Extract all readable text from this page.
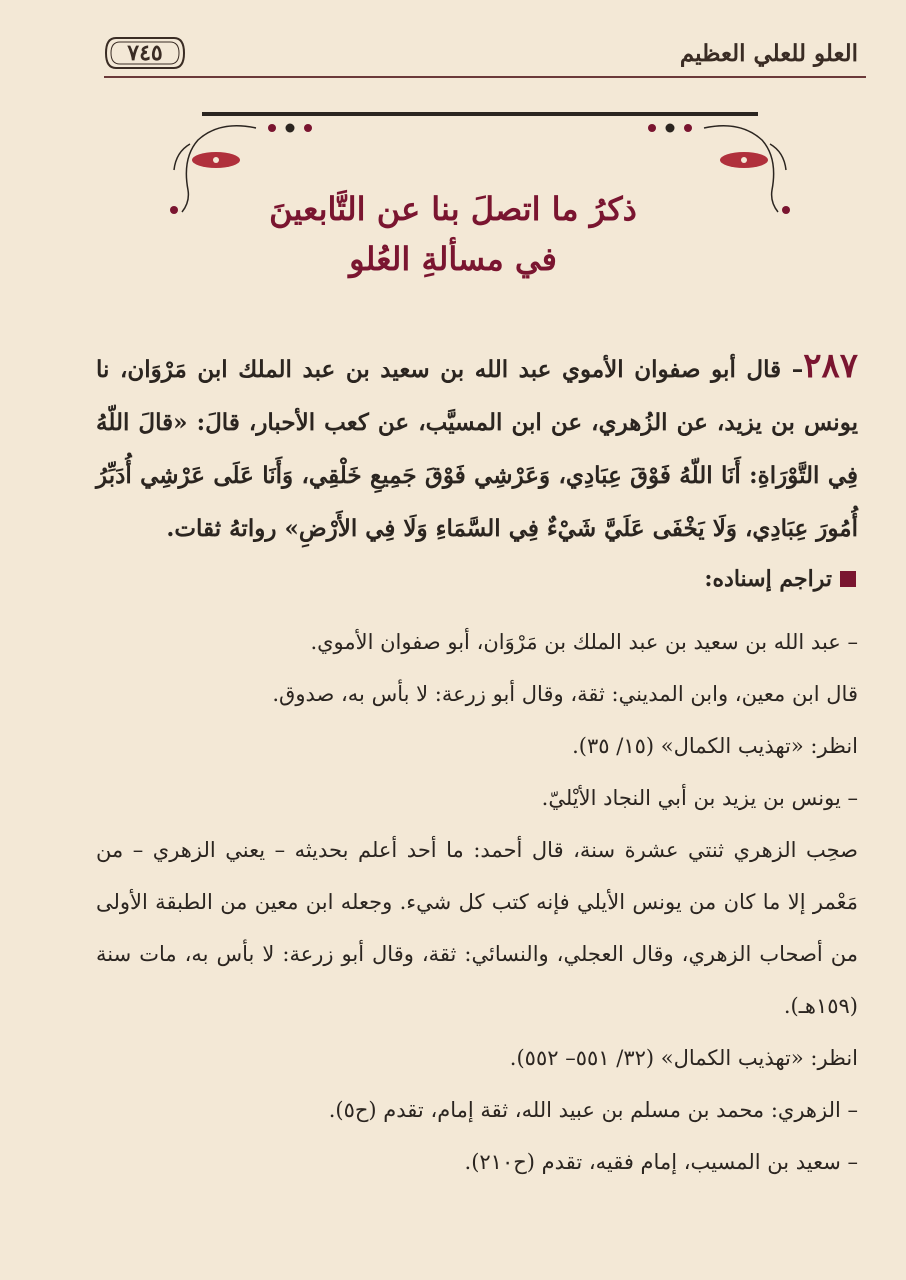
العلو للعلي العظيم
٧٤٥
ذكرُ ما اتصلَ بنا عن التَّابعينَ
في مسألةِ العُلو
٢٨٧– قال أبو صفوان الأموي عبد الله بن سعيد بن عبد الملك ابن مَرْوَان، نا يونس بن يزيد، عن الزُهري، عن ابن المسيَّب، عن كعب الأحبار، قالَ: «قالَ اللّهُ فِي التَّوْرَاةِ: أَنَا اللّهُ فَوْقَ عِبَادِي، وَعَرْشِي فَوْقَ جَمِيعِ خَلْقِي، وَأَنَا عَلَى عَرْشِي أُدَبِّرُ أُمُورَ عِبَادِي، وَلَا يَخْفَى عَلَيَّ شَيْءٌ فِي السَّمَاءِ وَلَا فِي الأَرْضِ» رواتهُ ثقات.
تراجم إسناده:

– عبد الله بن سعيد بن عبد الملك بن مَرْوَان، أبو صفوان الأموي.

قال ابن معين، وابن المديني: ثقة، وقال أبو زرعة: لا بأس به، صدوق.

انظر: «تهذيب الكمال» (١٥/ ٣٥).

– يونس بن يزيد بن أبي النجاد الأيْليّ.

صحِب الزهري ثنتي عشرة سنة، قال أحمد: ما أحد أعلم بحديثه – يعني الزهري – من مَعْمر إلا ما كان من يونس الأيلي فإنه كتب كل شيء. وجعله ابن معين من الطبقة الأولى من أصحاب الزهري، وقال العجلي، والنسائي: ثقة، وقال أبو زرعة: لا بأس به، مات سنة (١٥٩هـ).

انظر: «تهذيب الكمال» (٣٢/ ٥٥١– ٥٥٢).

– الزهري: محمد بن مسلم بن عبيد الله، ثقة إمام، تقدم (ح٥).

– سعيد بن المسيب، إمام فقيه، تقدم (ح٢١٠).
